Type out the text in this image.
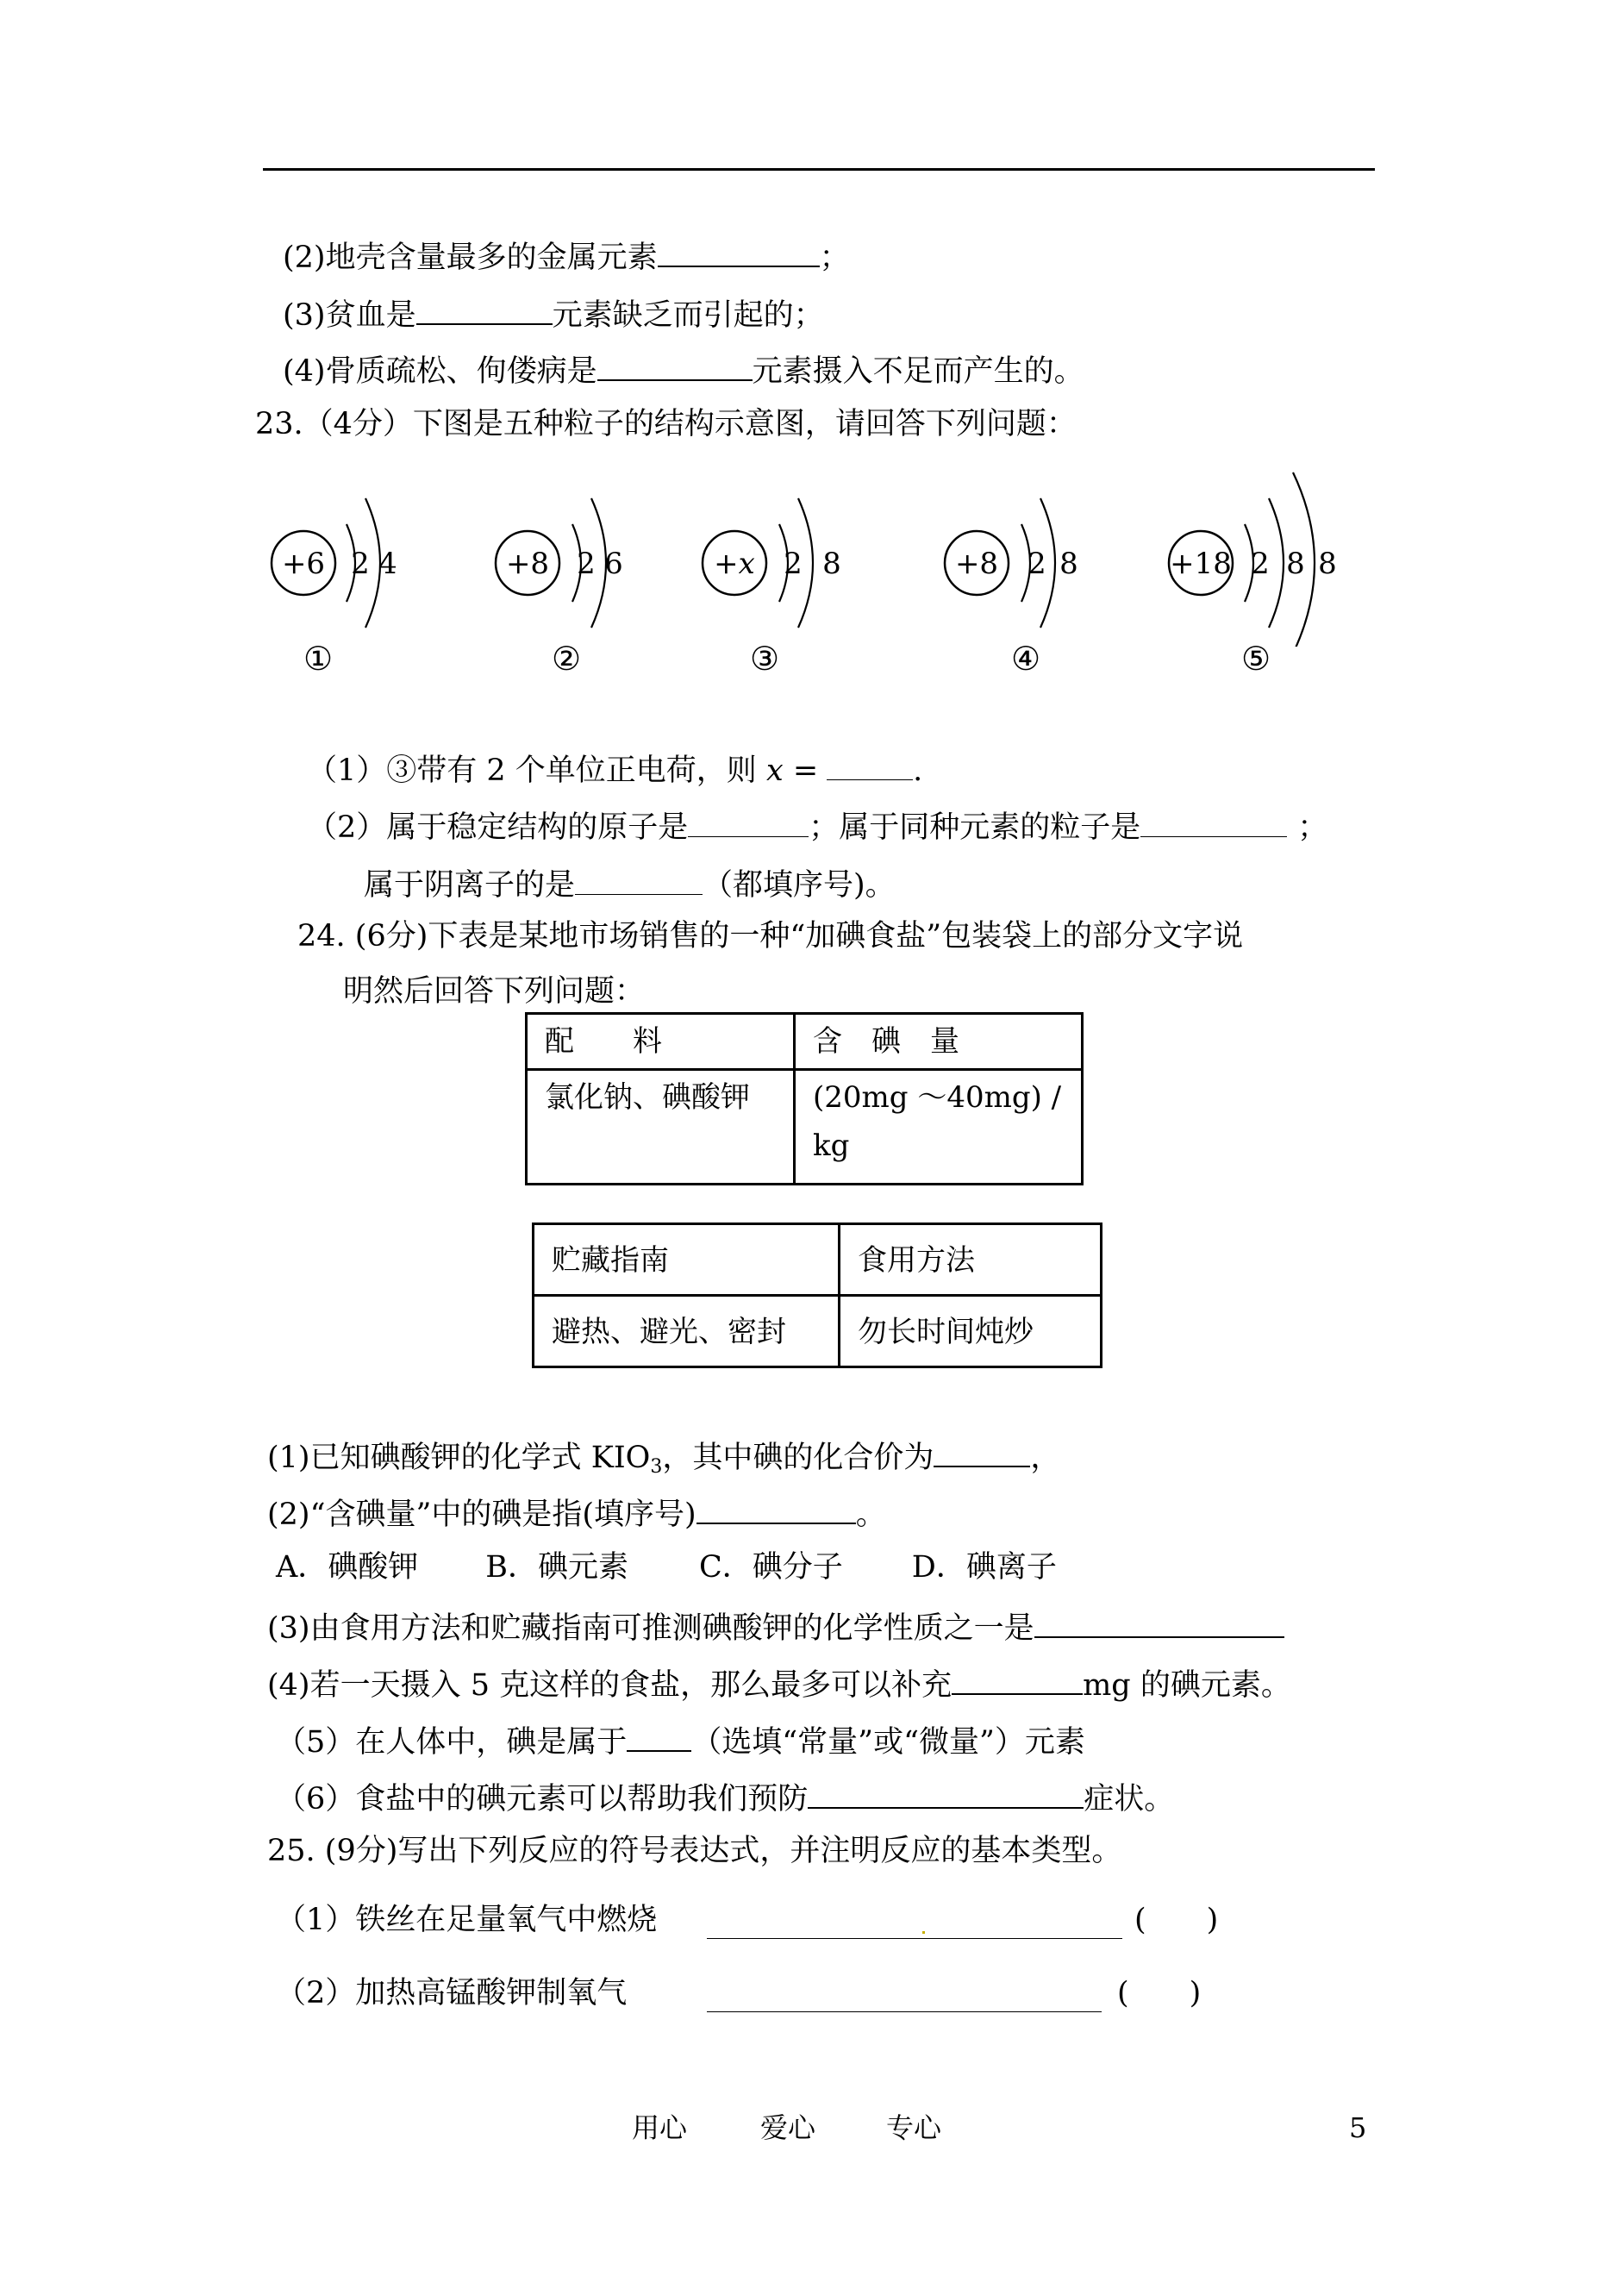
(2)地壳含量最多的金属元素	；
(3)贫血是	元素缺乏而引起的；
(4)骨质疏松、佝偻病是	元素摄入不足而产生的。
23.（4分）下图是五种粒子的结构示意图，请回答下列问题：
+6 2 4	+8 2 6	+x 2 8	+8 2 8	+18 2 8 8
①	②	③	④	⑤
（1）③带有 2 个单位正电荷，则 x =	.
（2）属于稳定结构的原子是	；属于同种元素的粒子是	；
属于阴离子的是	（都填序号)。
24. (6分)下表是某地市场销售的一种“加碘食盐”包装袋上的部分文字说
明然后回答下列问题：
配　　料	含　碘　量
氯化钠、碘酸钾	(20mg ～40mg) /
kg
贮藏指南	食用方法
避热、避光、密封	勿长时间炖炒
(1)已知碘酸钾的化学式 $KIO_3$，其中碘的化合价为	，
(2)“含碘量”中的碘是指(填序号)	。
A．碘酸钾 B．碘元素 C．碘分子 D．碘离子
(3)由食用方法和贮藏指南可推测碘酸钾的化学性质之一是
(4)若一天摄入 5 克这样的食盐，那么最多可以补充	mg 的碘元素。
（5）在人体中，碘是属于 （选填“常量”或“微量”）元素
（6）食盐中的碘元素可以帮助我们预防	症状。
25. (9分)写出下列反应的符号表达式，并注明反应的基本类型。
（1）铁丝在足量氧气中燃烧	(　　)
（2）加热高锰酸钾制氧气	(　　)
用心	爱心	专心	5
